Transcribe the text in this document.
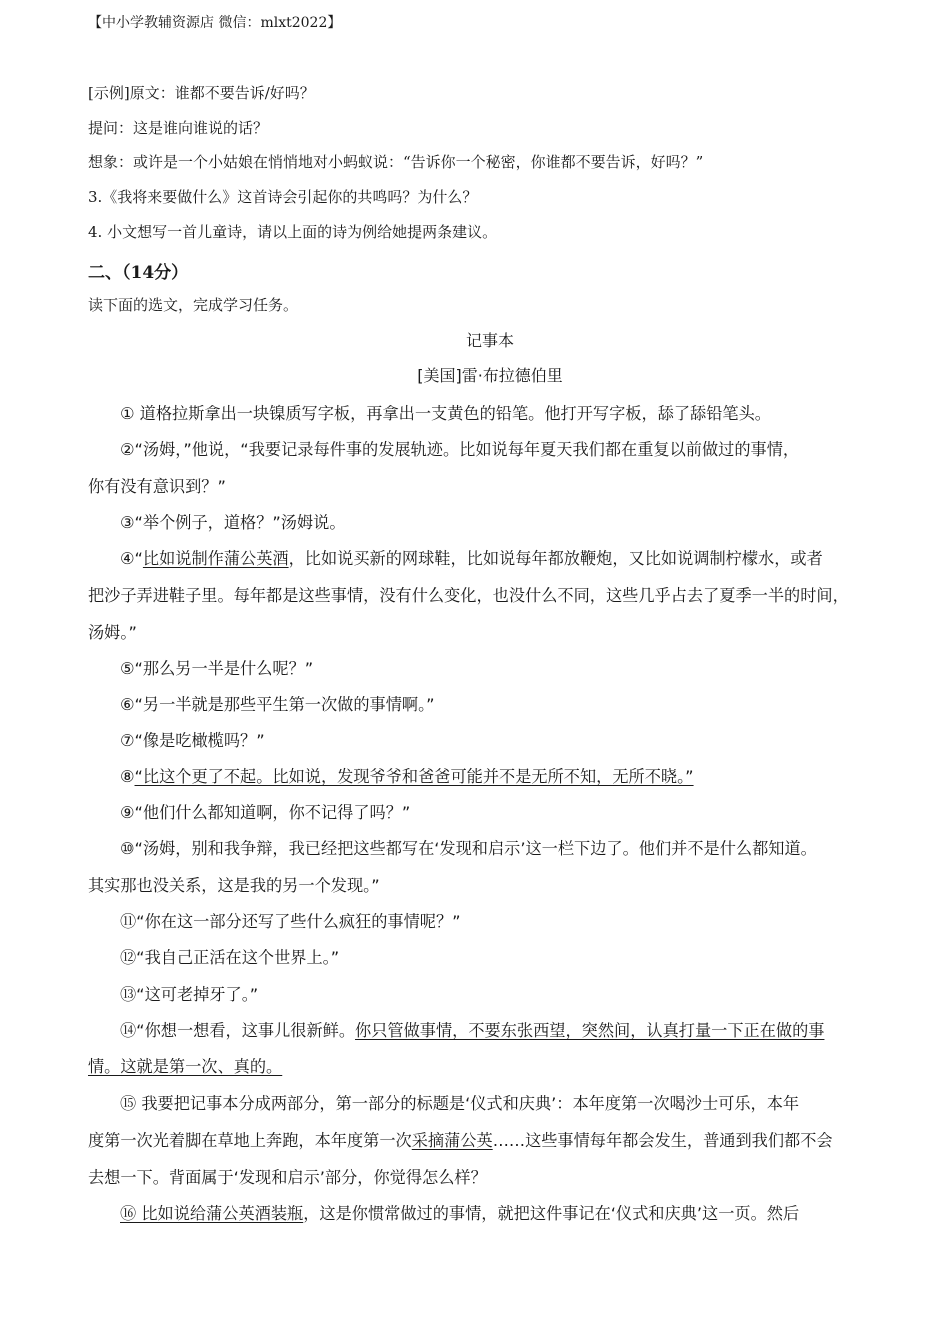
【中小学教辅资源店 微信：mlxt2022】
[示例]原文：谁都不要告诉/好吗？
提问：这是谁向谁说的话？
想象：或许是一个小姑娘在悄悄地对小蚂蚁说：“告诉你一个秘密，你谁都不要告诉，好吗？”
3.《我将来要做什么》这首诗会引起你的共鸣吗？为什么？
4. 小文想写一首儿童诗，请以上面的诗为例给她提两条建议。
二、（14分）
读下面的选文，完成学习任务。
记事本
[美国]雷·布拉德伯里
① 道格拉斯拿出一块镍质写字板，再拿出一支黄色的铅笔。他打开写字板，舔了舔铅笔头。
②“汤姆，”他说，“我要记录每件事的发展轨迹。比如说每年夏天我们都在重复以前做过的事情，
你有没有意识到？”
③“举个例子，道格？”汤姆说。
④“比如说制作蒲公英酒，比如说买新的网球鞋，比如说每年都放鞭炮，又比如说调制柠檬水，或者
把沙子弄进鞋子里。每年都是这些事情，没有什么变化，也没什么不同，这些几乎占去了夏季一半的时间，
汤姆。”
⑤“那么另一半是什么呢？”
⑥“另一半就是那些平生第一次做的事情啊。”
⑦“像是吃橄榄吗？”
⑧“比这个更了不起。比如说，发现爷爷和爸爸可能并不是无所不知，无所不晓。”
⑨“他们什么都知道啊，你不记得了吗？”
⑩“汤姆，别和我争辩，我已经把这些都写在‘发现和启示’这一栏下边了。他们并不是什么都知道。
其实那也没关系，这是我的另一个发现。”
⑪“你在这一部分还写了些什么疯狂的事情呢？”
⑫“我自己正活在这个世界上。”
⑬“这可老掉牙了。”
⑭“你想一想看，这事儿很新鲜。你只管做事情，不要东张西望，突然间，认真打量一下正在做的事
情。这就是第一次、真的。
⑮ 我要把记事本分成两部分，第一部分的标题是‘仪式和庆典’：本年度第一次喝沙士可乐，本年
度第一次光着脚在草地上奔跑，本年度第一次采摘蒲公英……这些事情每年都会发生，普通到我们都不会
去想一下。背面属于‘发现和启示’部分，你觉得怎么样？
⑯ 比如说给蒲公英酒装瓶，这是你惯常做过的事情，就把这件事记在‘仪式和庆典’这一页。然后
